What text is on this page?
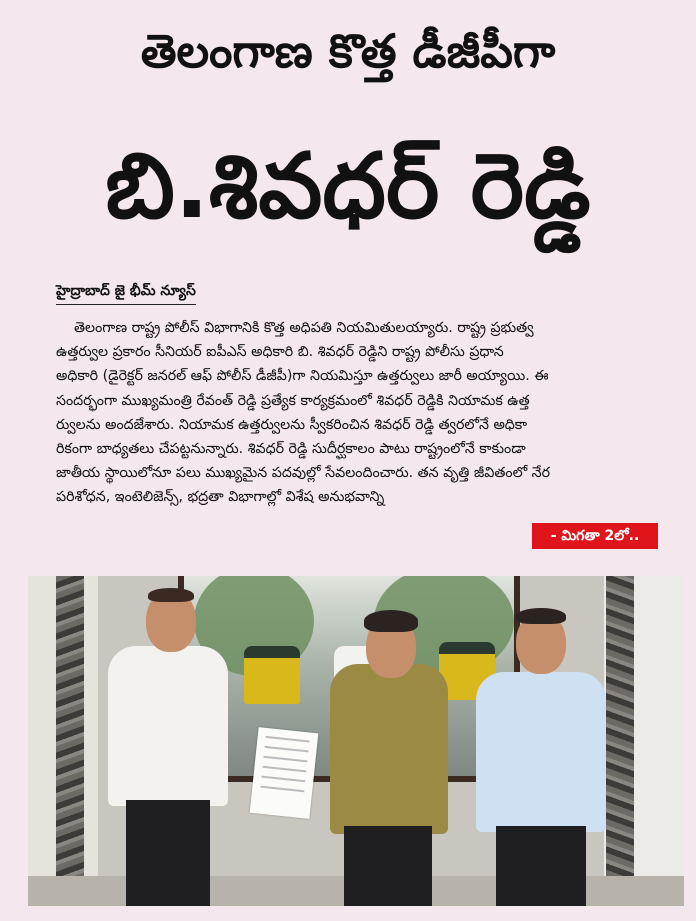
తెలంగాణ కొత్త డీజీపీగా
బి.శివధర్ రెడ్డి
హైద్రాబాద్ జై భీమ్ న్యూస్

తెలంగాణ రాష్ట్ర పోలీస్ విభాగానికి కొత్త అధిపతి నియమితులయ్యారు. రాష్ట్ర ప్రభుత్వ

ఉత్తర్వుల ప్రకారం సీనియర్ ఐపీఎస్ అధికారి బి. శివధర్ రెడ్డిని రాష్ట్ర పోలీసు ప్రధాన

అధికారి (డైరెక్టర్ జనరల్ ఆఫ్ పోలీస్ డీజీపీ)గా నియమిస్తూ ఉత్తర్వులు జారీ అయ్యాయి. ఈ

సందర్భంగా ముఖ్యమంత్రి రేవంత్ రెడ్డి ప్రత్యేక కార్యక్రమంలో శివధర్ రెడ్డికి నియామక ఉత్త

ర్వులను అందజేశారు. నియామక ఉత్తర్వులను స్వీకరించిన శివధర్ రెడ్డి త్వరలోనే అధికా

రికంగా బాధ్యతలు చేపట్టనున్నారు. శివధర్ రెడ్డి సుదీర్ఘకాలం పాటు రాష్ట్రంలోనే కాకుండా

జాతీయ స్థాయిలోనూ పలు ముఖ్యమైన పదవుల్లో సేవలందించారు. తన వృత్తి జీవితంలో నేర

పరిశోధన, ఇంటెలిజెన్స్, భద్రతా విభాగాల్లో విశేష అనుభవాన్ని

- మిగతా 2లో..
